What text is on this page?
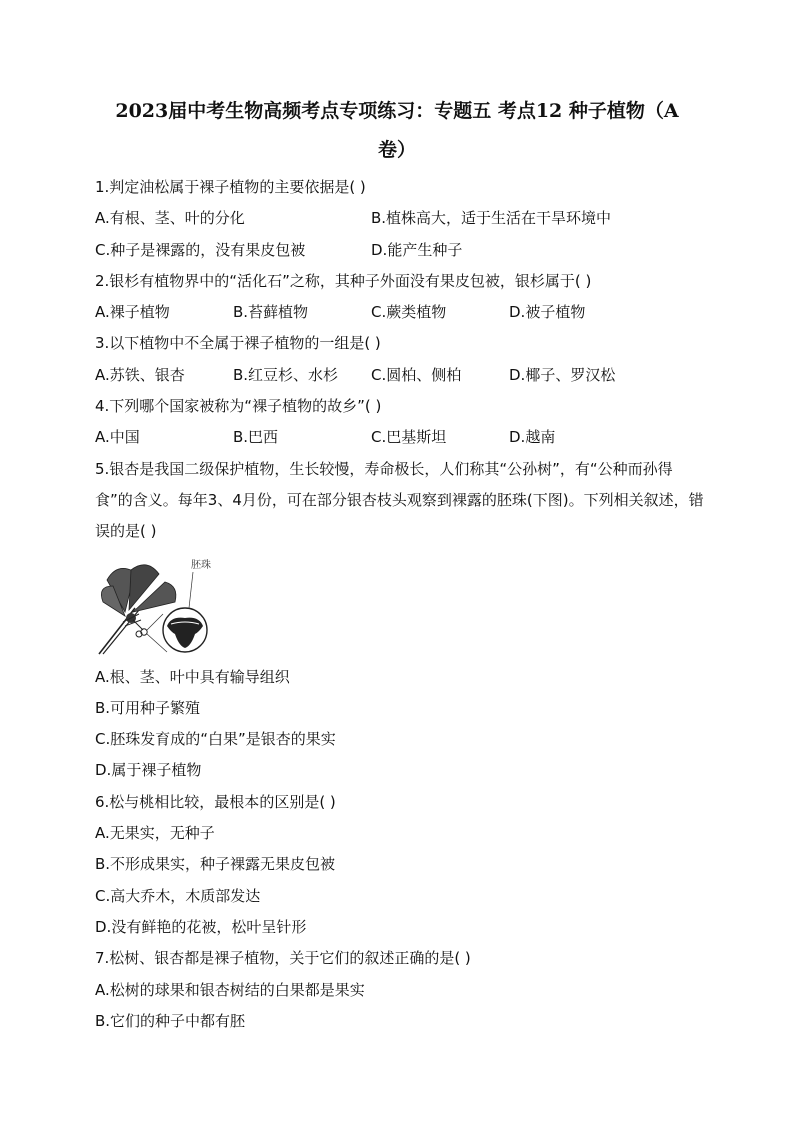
2023届中考生物高频考点专项练习：专题五 考点12 种子植物（A
卷）
1.判定油松属于裸子植物的主要依据是( )
A.有根、茎、叶的分化	B.植株高大，适于生活在干旱环境中
C.种子是裸露的，没有果皮包被	D.能产生种子
2.银杉有植物界中的“活化石”之称，其种子外面没有果皮包被，银杉属于( )
A.裸子植物	B.苔藓植物	C.蕨类植物	D.被子植物
3.以下植物中不全属于裸子植物的一组是( )
A.苏铁、银杏	B.红豆杉、水杉	C.圆柏、侧柏	D.椰子、罗汉松
4.下列哪个国家被称为“裸子植物的故乡”( )
A.中国	B.巴西	C.巴基斯坦	D.越南
5.银杏是我国二级保护植物，生长较慢，寿命极长，人们称其“公孙树”，有“公种而孙得食”的含义。每年3、4月份，可在部分银杏枝头观察到裸露的胚珠(下图)。下列相关叙述，错误的是( )
胚珠
A.根、茎、叶中具有输导组织
B.可用种子繁殖
C.胚珠发育成的“白果”是银杏的果实
D.属于裸子植物
6.松与桃相比较，最根本的区别是( )
A.无果实，无种子
B.不形成果实，种子裸露无果皮包被
C.高大乔木，木质部发达
D.没有鲜艳的花被，松叶呈针形
7.松树、银杏都是裸子植物，关于它们的叙述正确的是( )
A.松树的球果和银杏树结的白果都是果实
B.它们的种子中都有胚
